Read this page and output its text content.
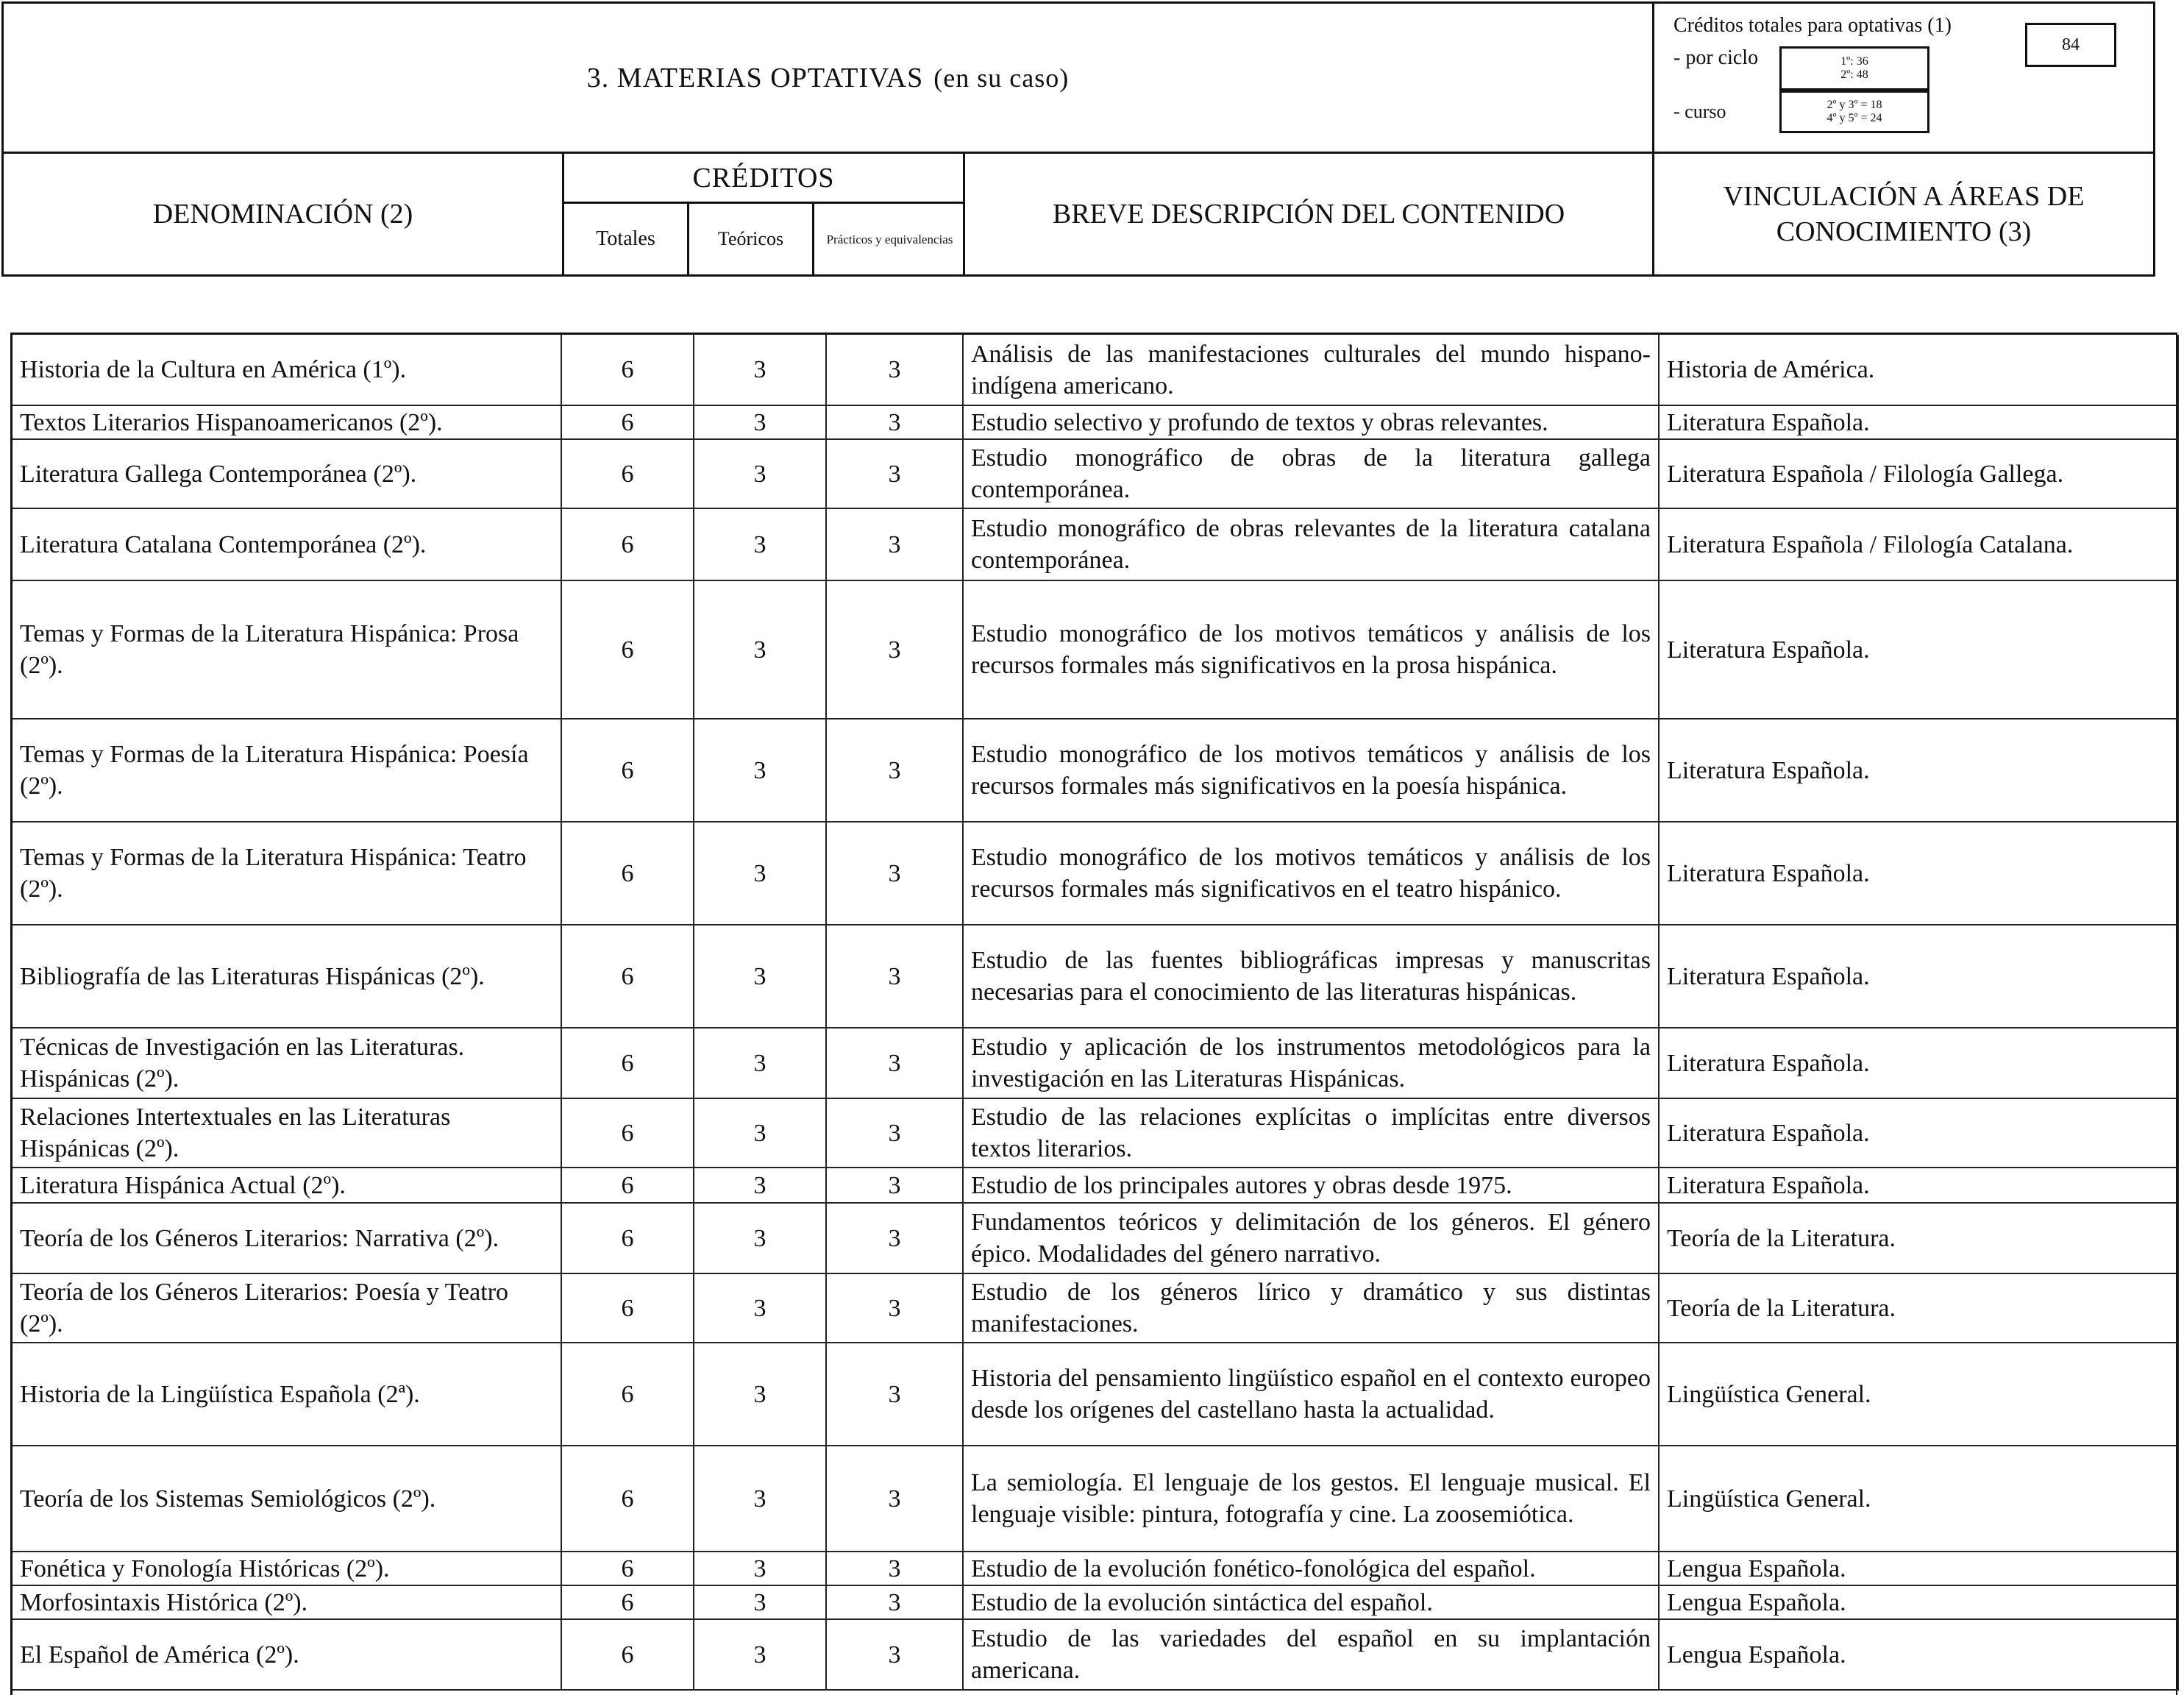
3. MATERIAS OPTATIVAS (en su caso)
Créditos totales para optativas (1)
84
- por ciclo	1º: 36
2º: 48
- curso	2º y 3º = 18
4º y 5º = 24
DENOMINACIÓN (2)
CRÉDITOS
Totales	Teóricos	Prácticos y equivalencias
BREVE DESCRIPCIÓN DEL CONTENIDO
VINCULACIÓN A ÁREAS DE CONOCIMIENTO (3)
Historia de la Cultura en América (1º).	6	3	3	Análisis de las manifestaciones culturales del mundo hispano-indígena americano.	Historia de América.
Textos Literarios Hispanoamericanos (2º).	6	3	3	Estudio selectivo y profundo de textos y obras relevantes.	Literatura Española.
Literatura Gallega Contemporánea (2º).	6	3	3	Estudio monográfico de obras de la literatura gallega contemporánea.	Literatura Española / Filología Gallega.
Literatura Catalana Contemporánea (2º).	6	3	3	Estudio monográfico de obras relevantes de la literatura catalana contemporánea.	Literatura Española / Filología Catalana.
Temas y Formas de la Literatura Hispánica: Prosa (2º).	6	3	3	Estudio monográfico de los motivos temáticos y análisis de los recursos formales más significativos en la prosa hispánica.	Literatura Española.
Temas y Formas de la Literatura Hispánica: Poesía (2º).	6	3	3	Estudio monográfico de los motivos temáticos y análisis de los recursos formales más significativos en la poesía hispánica.	Literatura Española.
Temas y Formas de la Literatura Hispánica: Teatro (2º).	6	3	3	Estudio monográfico de los motivos temáticos y análisis de los recursos formales más significativos en el teatro hispánico.	Literatura Española.
Bibliografía de las Literaturas Hispánicas (2º).	6	3	3	Estudio de las fuentes bibliográficas impresas y manuscritas necesarias para el conocimiento de las literaturas hispánicas.	Literatura Española.
Técnicas de Investigación en las Literaturas. Hispánicas (2º).	6	3	3	Estudio y aplicación de los instrumentos metodológicos para la investigación en las Literaturas Hispánicas.	Literatura Española.
Relaciones Intertextuales en las Literaturas Hispánicas (2º).	6	3	3	Estudio de las relaciones explícitas o implícitas entre diversos textos literarios.	Literatura Española.
Literatura Hispánica Actual (2º).	6	3	3	Estudio de los principales autores y obras desde 1975.	Literatura Española.
Teoría de los Géneros Literarios: Narrativa (2º).	6	3	3	Fundamentos teóricos y delimitación de los géneros. El género épico. Modalidades del género narrativo.	Teoría de la Literatura.
Teoría de los Géneros Literarios: Poesía y Teatro (2º).	6	3	3	Estudio de los géneros lírico y dramático y sus distintas manifestaciones.	Teoría de la Literatura.
Historia de la Lingüística Española (2ª).	6	3	3	Historia del pensamiento lingüístico español en el contexto europeo desde los orígenes del castellano hasta la actualidad.	Lingüística General.
Teoría de los Sistemas Semiológicos (2º).	6	3	3	La semiología. El lenguaje de los gestos. El lenguaje musical. El lenguaje visible: pintura, fotografía y cine. La zoosemiótica.	Lingüística General.
Fonética y Fonología Históricas (2º).	6	3	3	Estudio de la evolución fonético-fonológica del español.	Lengua Española.
Morfosintaxis Histórica (2º).	6	3	3	Estudio de la evolución sintáctica del español.	Lengua Española.
El Español de América (2º).	6	3	3	Estudio de las variedades del español en su implantación americana.	Lengua Española.
